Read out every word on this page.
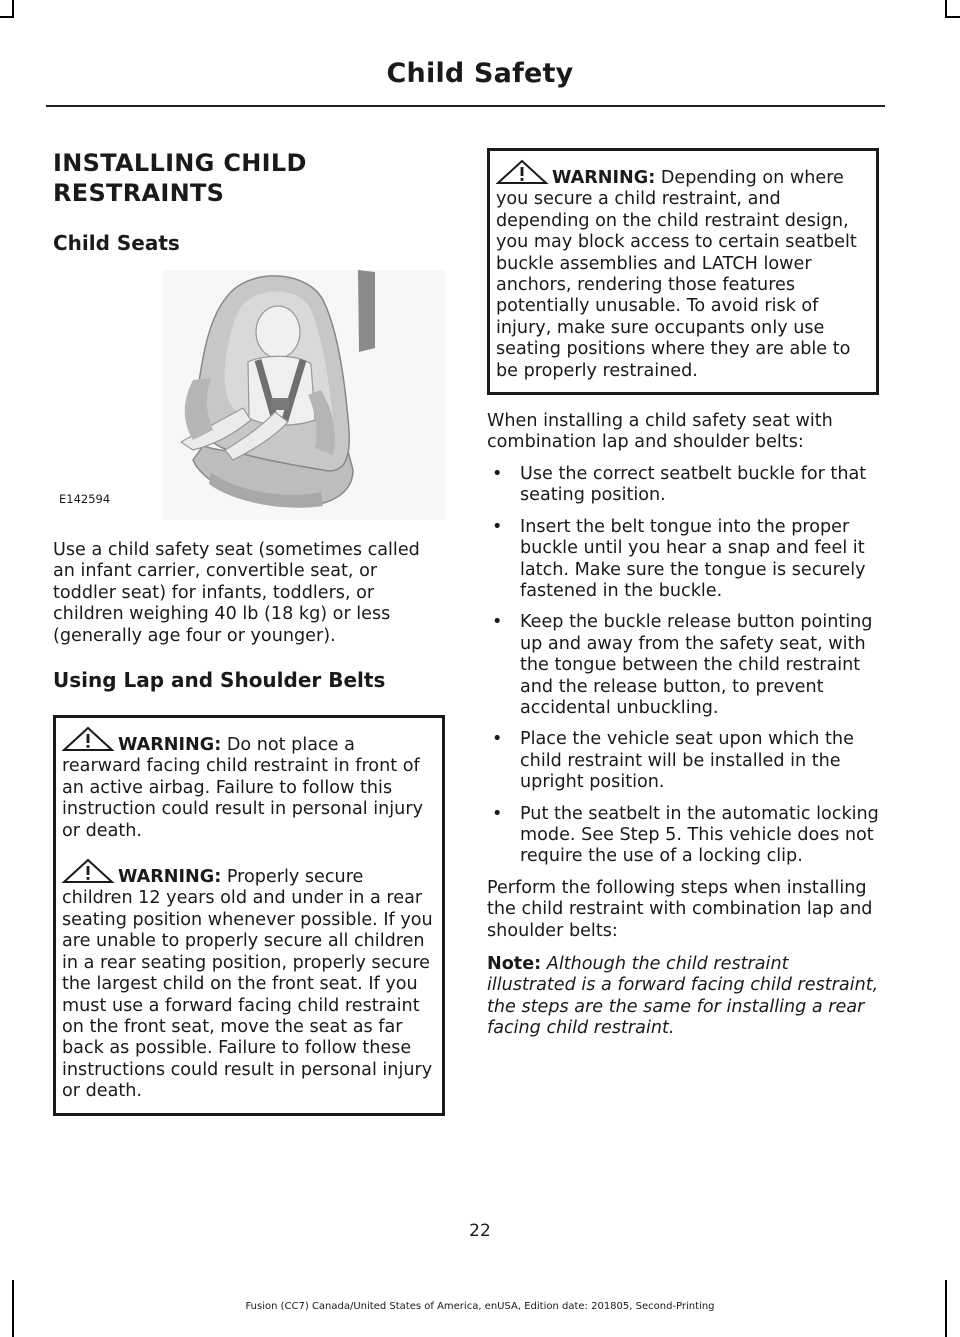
Child Safety
INSTALLING CHILD
RESTRAINTS
Child Seats
E142594

Use a child safety seat (sometimes called an infant carrier, convertible seat, or toddler seat) for infants, toddlers, or children weighing 40 lb (18 kg) or less (generally age four or younger).

Using Lap and Shoulder Belts
WARNING: Do not place a rearward facing child restraint in front of an active airbag. Failure to follow this instruction could result in personal injury or death.
WARNING: Properly secure children 12 years old and under in a rear seating position whenever possible. If you are unable to properly secure all children in a rear seating position, properly secure the largest child on the front seat. If you must use a forward facing child restraint on the front seat, move the seat as far back as possible. Failure to follow these instructions could result in personal injury or death.
WARNING: Depending on where you secure a child restraint, and depending on the child restraint design, you may block access to certain seatbelt buckle assemblies and LATCH lower anchors, rendering those features potentially unusable. To avoid risk of injury, make sure occupants only use seating positions where they are able to be properly restrained.

When installing a child safety seat with combination lap and shoulder belts:

• Use the correct seatbelt buckle for that seating position.
• Insert the belt tongue into the proper buckle until you hear a snap and feel it latch. Make sure the tongue is securely fastened in the buckle.
• Keep the buckle release button pointing up and away from the safety seat, with the tongue between the child restraint and the release button, to prevent accidental unbuckling.
• Place the vehicle seat upon which the child restraint will be installed in the upright position.
• Put the seatbelt in the automatic locking mode. See Step 5. This vehicle does not require the use of a locking clip.

Perform the following steps when installing the child restraint with combination lap and shoulder belts:

Note: Although the child restraint illustrated is a forward facing child restraint, the steps are the same for installing a rear facing child restraint.
22
Fusion (CC7) Canada/United States of America, enUSA, Edition date: 201805, Second-Printing
